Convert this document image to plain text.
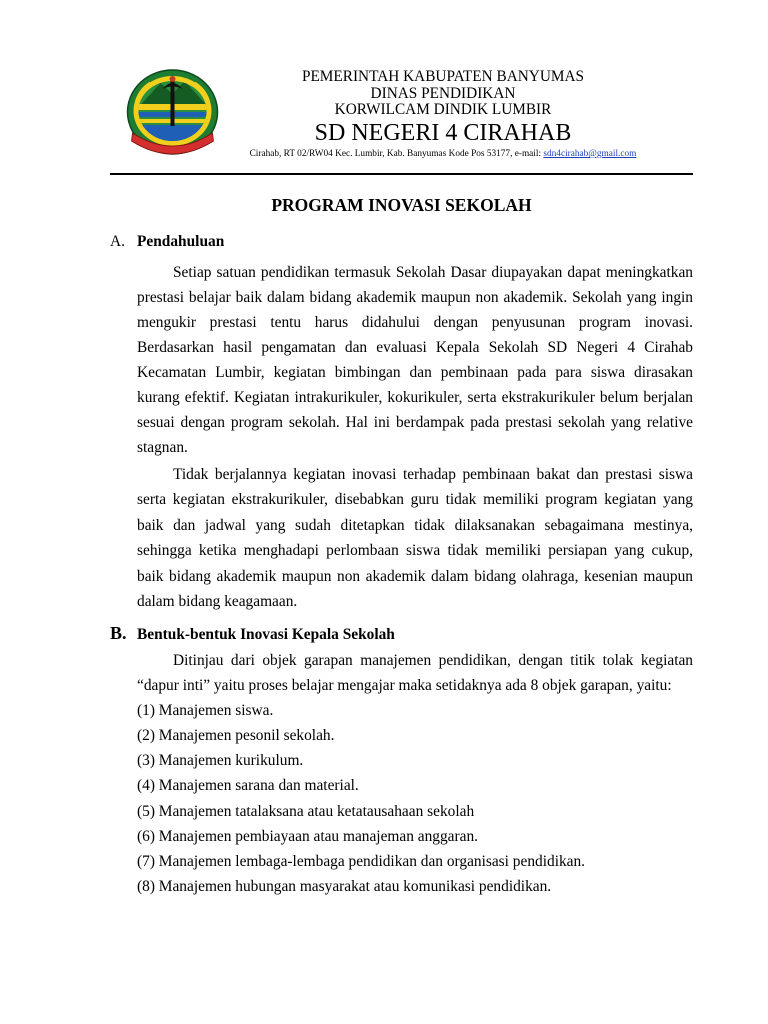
PEMERINTAH KABUPATEN BANYUMAS
DINAS PENDIDIKAN
KORWILCAM DINDIK LUMBIR
SD NEGERI 4 CIRAHAB
Cirahab, RT 02/RW04 Kec. Lumbir, Kab. Banyumas Kode Pos 53177, e-mail: sdn4cirahab@gmail.com
PROGRAM INOVASI SEKOLAH
A. Pendahuluan
Setiap satuan pendidikan termasuk Sekolah Dasar diupayakan dapat meningkatkan
prestasi belajar baik dalam bidang akademik maupun non akademik. Sekolah yang ingin
mengukir prestasi tentu harus didahului dengan penyusunan program inovasi.
Berdasarkan hasil pengamatan dan evaluasi Kepala Sekolah SD Negeri 4 Cirahab
Kecamatan Lumbir, kegiatan bimbingan dan pembinaan pada para siswa dirasakan
kurang efektif. Kegiatan intrakurikuler, kokurikuler, serta ekstrakurikuler belum berjalan
sesuai dengan program sekolah. Hal ini berdampak pada prestasi sekolah yang relative
stagnan.
Tidak berjalannya kegiatan inovasi terhadap pembinaan bakat dan prestasi siswa
serta kegiatan ekstrakurikuler, disebabkan guru tidak memiliki program kegiatan yang
baik dan jadwal yang sudah ditetapkan tidak dilaksanakan sebagaimana mestinya,
sehingga ketika menghadapi perlombaan siswa tidak memiliki persiapan yang cukup,
baik bidang akademik maupun non akademik dalam bidang olahraga, kesenian maupun
dalam bidang keagamaan.
B. Bentuk-bentuk Inovasi Kepala Sekolah
Ditinjau dari objek garapan manajemen pendidikan, dengan titik tolak kegiatan
“dapur inti” yaitu proses belajar mengajar maka setidaknya ada 8 objek garapan, yaitu:
(1) Manajemen siswa.
(2) Manajemen pesonil sekolah.
(3) Manajemen kurikulum.
(4) Manajemen sarana dan material.
(5) Manajemen tatalaksana atau ketatausahaan sekolah
(6) Manajemen pembiayaan atau manajeman anggaran.
(7) Manajemen lembaga-lembaga pendidikan dan organisasi pendidikan.
(8) Manajemen hubungan masyarakat atau komunikasi pendidikan.
